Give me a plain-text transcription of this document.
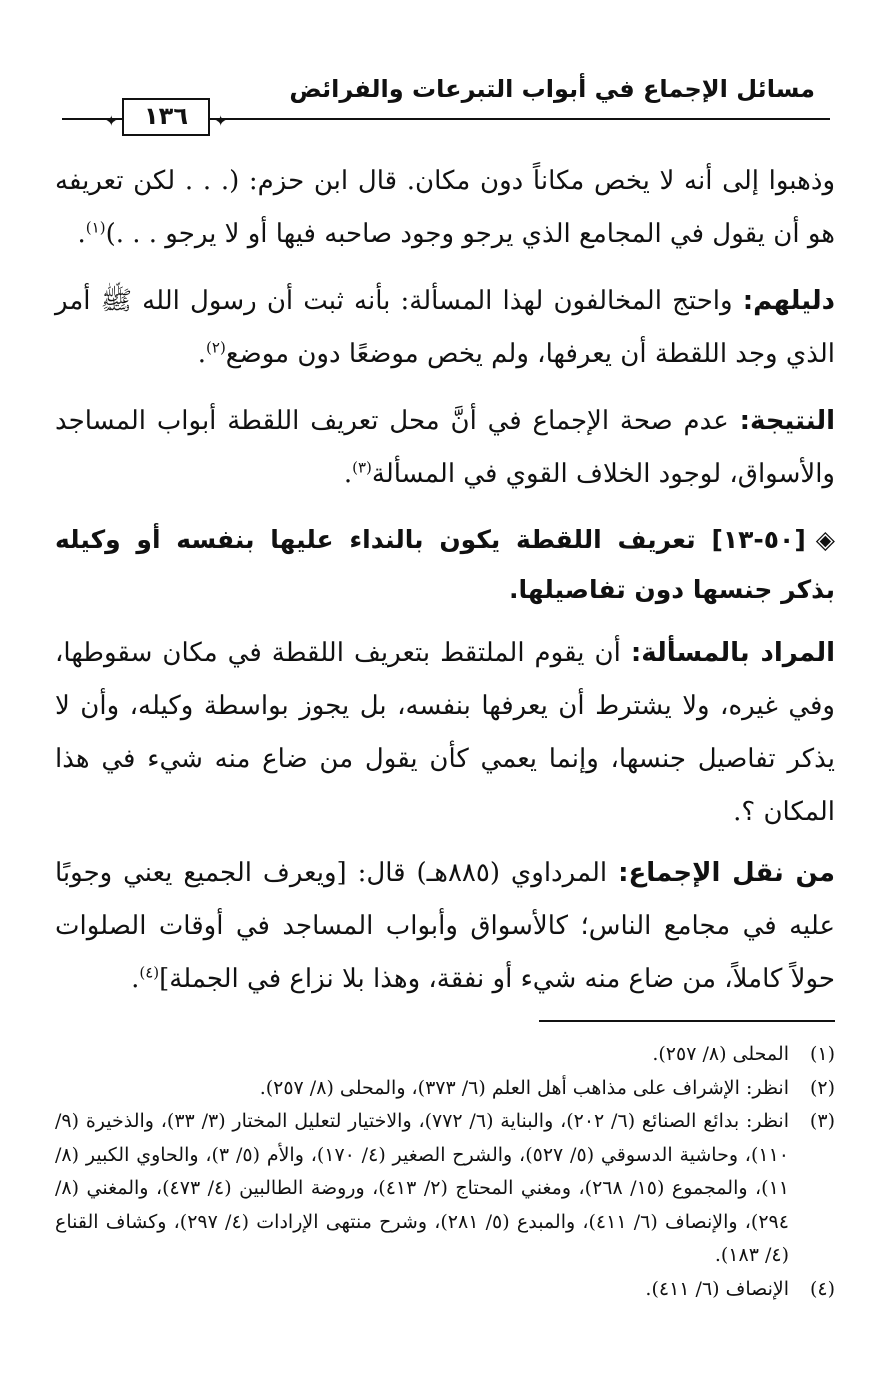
مسائل الإجماع في أبواب التبرعات والفرائض
✦ ١٣٦ ✦

وذهبوا إلى أنه لا يخص مكاناً دون مكان. قال ابن حزم: (. . . لكن تعريفه هو أن يقول في المجامع الذي يرجو وجود صاحبه فيها أو لا يرجو . . .)$^{(١)}$.

دليلهم: واحتج المخالفون لهذا المسألة: بأنه ثبت أن رسول الله ﷺ أمر الذي وجد اللقطة أن يعرفها، ولم يخص موضعًا دون موضع$^{(٢)}$.

النتيجة: عدم صحة الإجماع في أنَّ محل تعريف اللقطة أبواب المساجد والأسواق، لوجود الخلاف القوي في المسألة$^{(٣)}$.

◈[٥٠-١٣] تعريف اللقطة يكون بالنداء عليها بنفسه أو وكيله بذكر جنسها دون تفاصيلها.

المراد بالمسألة: أن يقوم الملتقط بتعريف اللقطة في مكان سقوطها، وفي غيره، ولا يشترط أن يعرفها بنفسه، بل يجوز بواسطة وكيله، وأن لا يذكر تفاصيل جنسها، وإنما يعمي كأن يقول من ضاع منه شيء في هذا المكان ؟.

من نقل الإجماع: المرداوي (٨٨٥هـ) قال: [ويعرف الجميع يعني وجوبًا عليه في مجامع الناس؛ كالأسواق وأبواب المساجد في أوقات الصلوات حولاً كاملاً، من ضاع منه شيء أو نفقة، وهذا بلا نزاع في الجملة]$^{(٤)}$.

(١)المحلى (٨/ ٢٥٧).

(٢)انظر: الإشراف على مذاهب أهل العلم (٦/ ٣٧٣)، والمحلى (٨/ ٢٥٧).

(٣)انظر: بدائع الصنائع (٦/ ٢٠٢)، والبناية (٦/ ٧٧٢)، والاختيار لتعليل المختار (٣/ ٣٣)، والذخيرة (٩/ ١١٠)، وحاشية الدسوقي (٥/ ٥٢٧)، والشرح الصغير (٤/ ١٧٠)، والأم (٥/ ٣)، والحاوي الكبير (٨/ ١١)، والمجموع (١٥/ ٢٦٨)، ومغني المحتاج (٢/ ٤١٣)، وروضة الطالبين (٤/ ٤٧٣)، والمغني (٨/ ٢٩٤)، والإنصاف (٦/ ٤١١)، والمبدع (٥/ ٢٨١)، وشرح منتهى الإرادات (٤/ ٢٩٧)، وكشاف القناع (٤/ ١٨٣).

(٤)الإنصاف (٦/ ٤١١).
